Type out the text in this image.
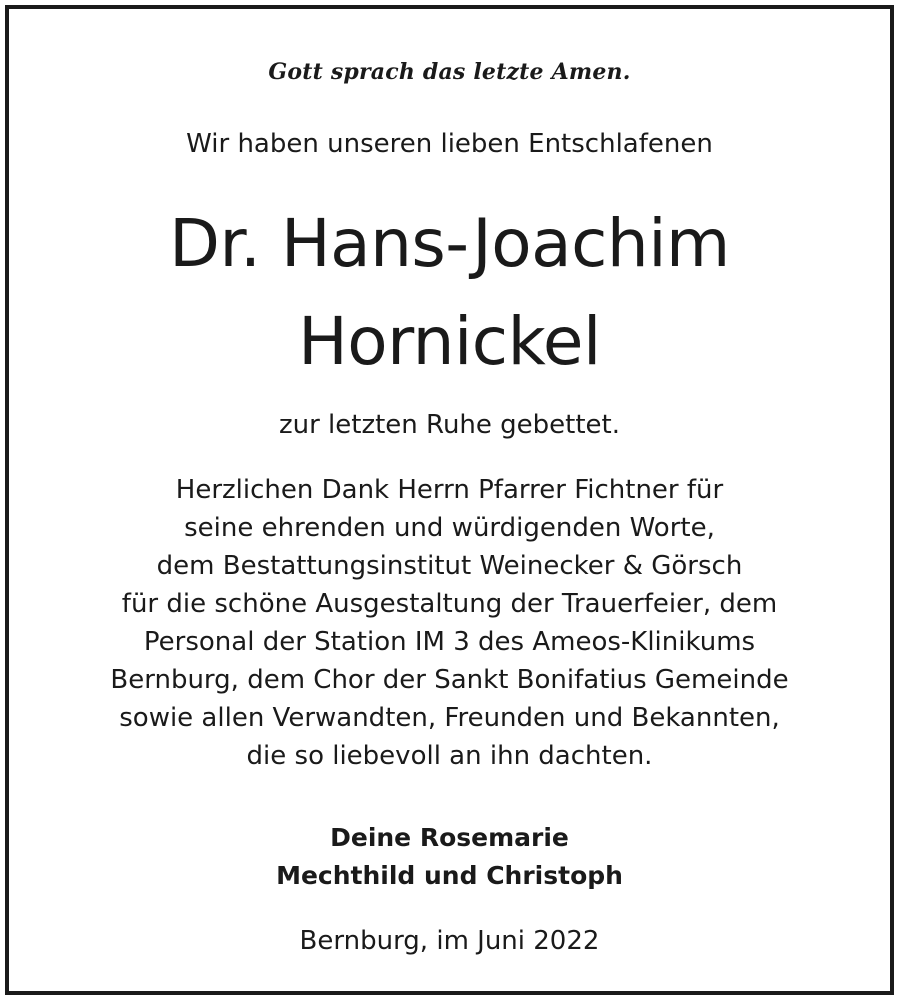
Gott sprach das letzte Amen.

Wir haben unseren lieben Entschlafenen

Dr. Hans-Joachim

Hornickel

zur letzten Ruhe gebettet.

Herzlichen Dank Herrn Pfarrer Fichtner für
seine ehrenden und würdigenden Worte,
dem Bestattungsinstitut Weinecker & Görsch
für die schöne Ausgestaltung der Trauerfeier, dem
Personal der Station IM 3 des Ameos-Klinikums
Bernburg, dem Chor der Sankt Bonifatius Gemeinde
sowie allen Verwandten, Freunden und Bekannten,
die so liebevoll an ihn dachten.
Deine Rosemarie
Mechthild und Christoph

Bernburg, im Juni 2022
